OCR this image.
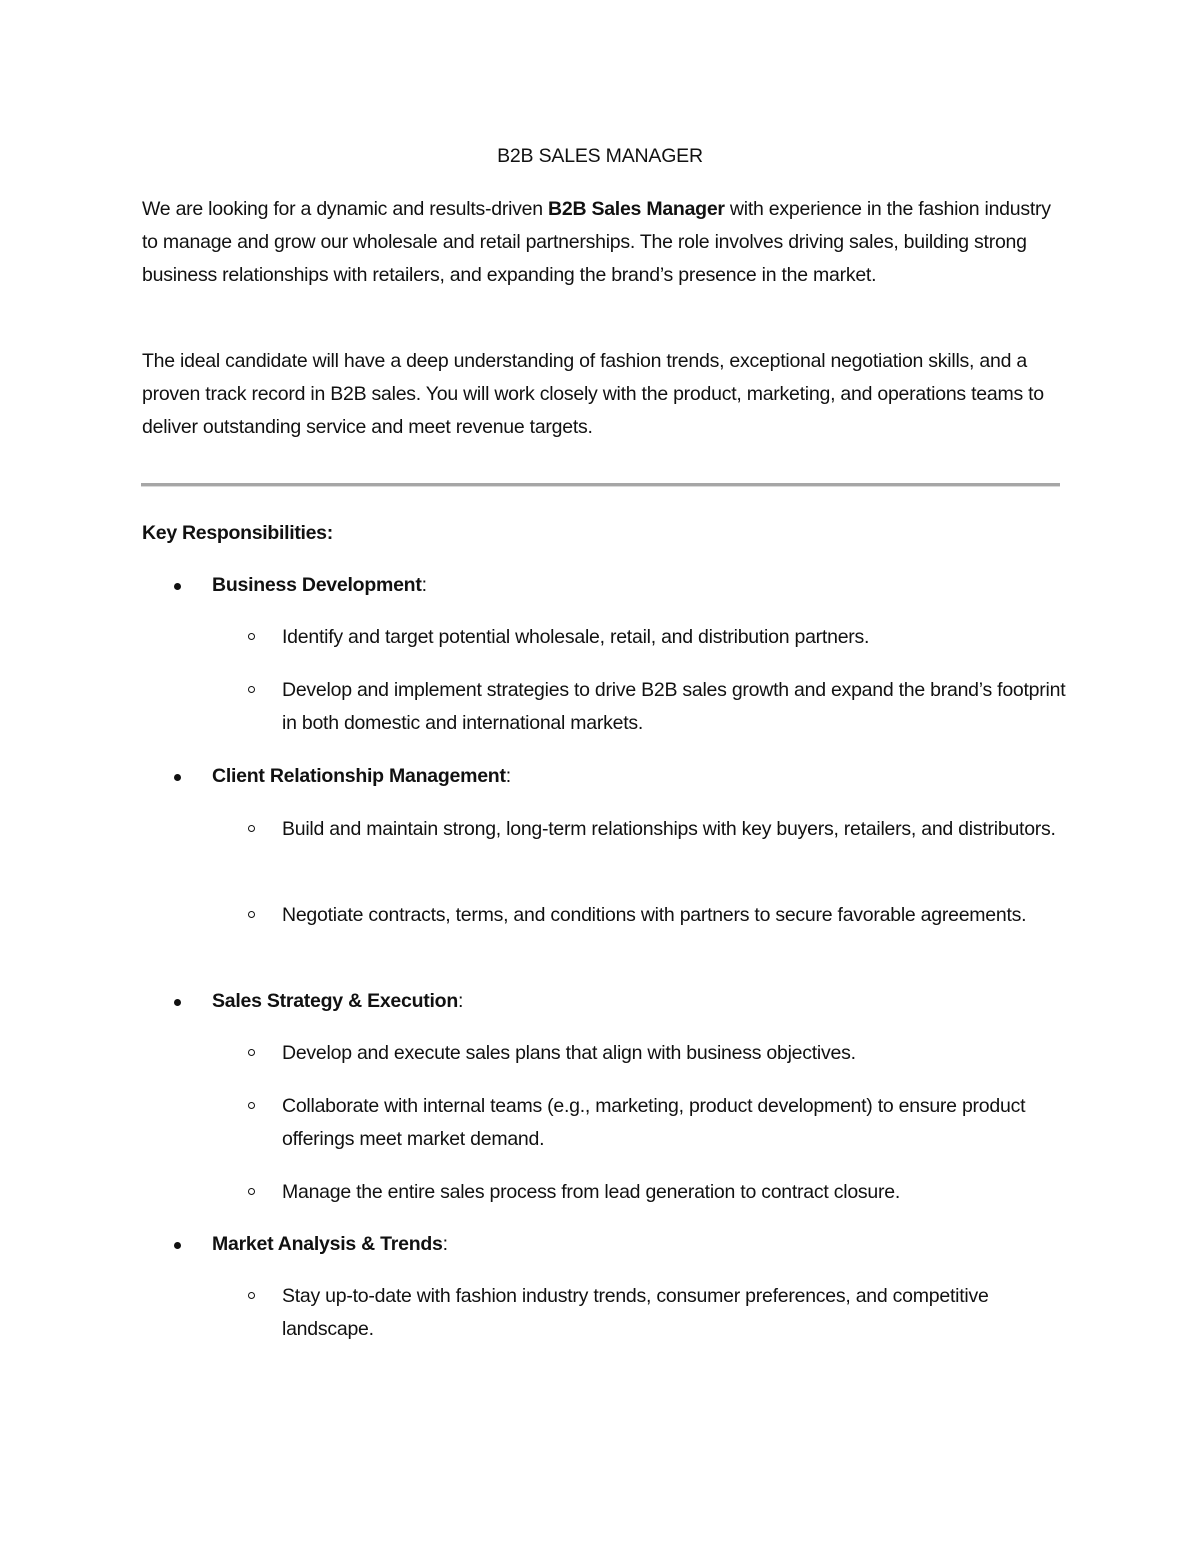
B2B SALES MANAGER

We are looking for a dynamic and results-driven B2B Sales Manager with experience in the fashion industry to manage and grow our wholesale and retail partnerships. The role involves driving sales, building strong business relationships with retailers, and expanding the brand’s presence in the market.

The ideal candidate will have a deep understanding of fashion trends, exceptional negotiation skills, and a proven track record in B2B sales. You will work closely with the product, marketing, and operations teams to deliver outstanding service and meet revenue targets.

Key Responsibilities:
Business Development:
Identify and target potential wholesale, retail, and distribution partners.
Develop and implement strategies to drive B2B sales growth and expand the brand’s footprint in both domestic and international markets.
Client Relationship Management:
Build and maintain strong, long-term relationships with key buyers, retailers, and distributors.
Negotiate contracts, terms, and conditions with partners to secure favorable agreements.
Sales Strategy & Execution:
Develop and execute sales plans that align with business objectives.
Collaborate with internal teams (e.g., marketing, product development) to ensure product offerings meet market demand.
Manage the entire sales process from lead generation to contract closure.
Market Analysis & Trends:
Stay up-to-date with fashion industry trends, consumer preferences, and competitive landscape.
